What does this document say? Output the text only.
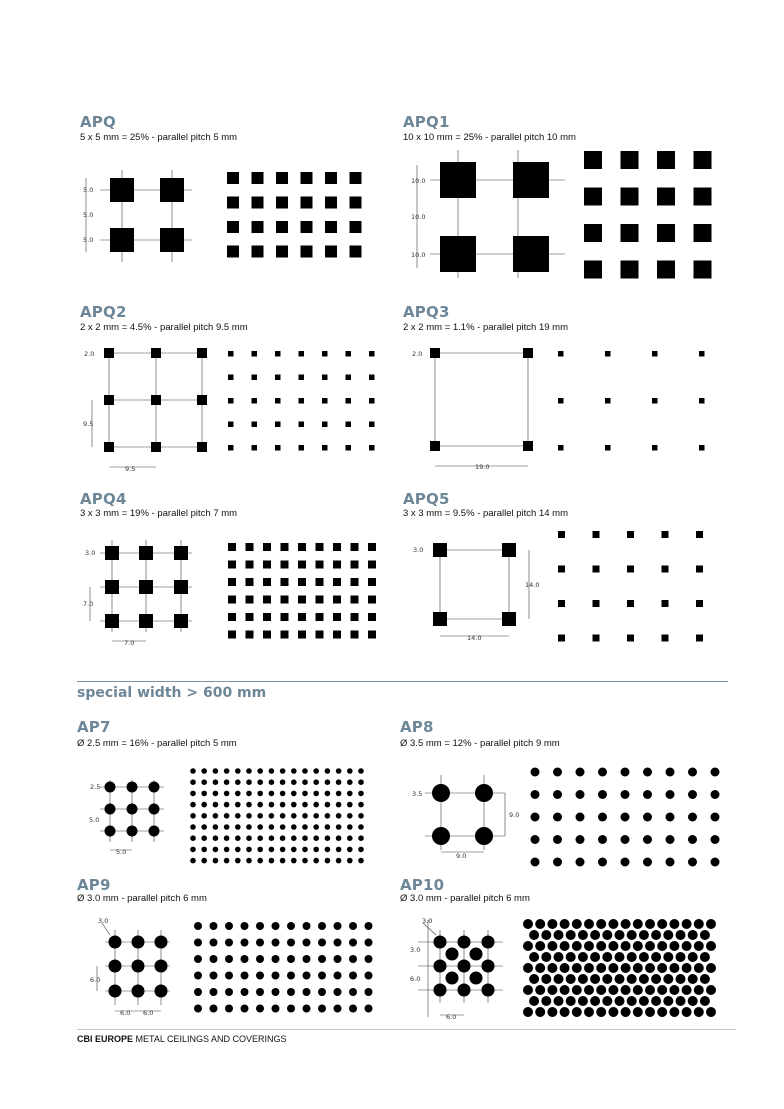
APQ
5 x 5 mm = 25% - parallel pitch 5 mm
5.0
5.0
5.0
APQ1
10 x 10 mm = 25% - parallel pitch 10 mm
10.0
10.0
10.0
APQ2
2 x 2 mm = 4.5% - parallel pitch 9.5 mm
2.0
9.5
9.5
APQ3
2 x 2 mm = 1.1% - parallel pitch 19 mm
2.0
19.0
APQ4
3 x 3 mm = 19% - parallel pitch 7 mm
3.0
7.0
7.0
APQ5
3 x 3 mm = 9.5% - parallel pitch 14 mm
3.0
14.0
14.0
special width > 600 mm
AP7
Ø 2.5 mm = 16% - parallel pitch 5 mm
2.5
5.0
5.0
AP8
Ø 3.5 mm = 12% - parallel pitch 9 mm
3.5
9.0
9.0
AP9
Ø 3.0 mm - parallel pitch 6 mm
3.0
6.0
6.0 6.0
AP10
Ø 3.0 mm - parallel pitch 6 mm
3.0
3.0
6.0
6.0
CBI EUROPE METAL CEILINGS AND COVERINGS
